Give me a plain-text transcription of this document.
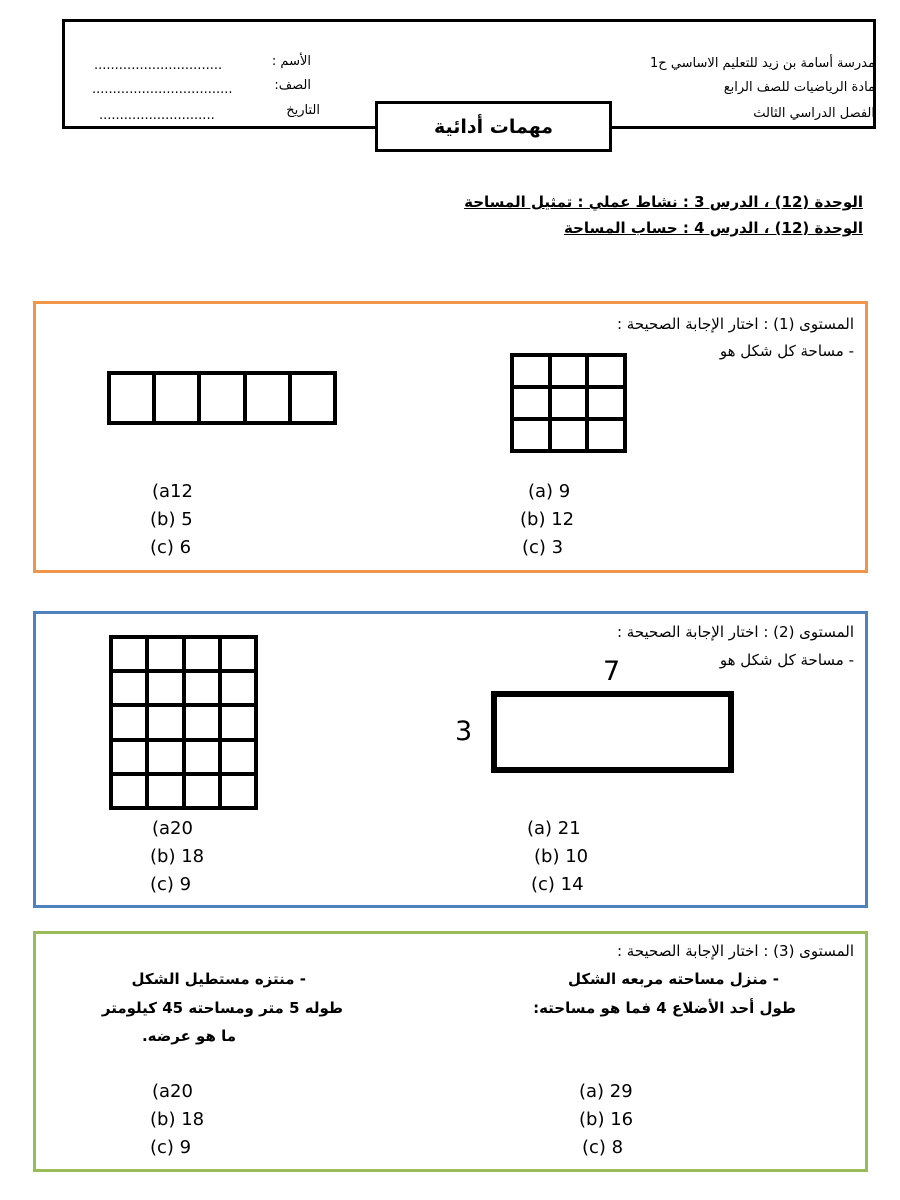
مدرسة أسامة بن زيد للتعليم الاساسي ح1
مادة الرياضيات للصف الرابع
الفصل الدراسي الثالث
الأسم :
...............................
الصف:
..................................
التاريخ
............................	مهمات أدائية
الوحدة (12) ، الدرس 3 : نشاط عملي : تمثيل المساحة
الوحدة (12) ، الدرس 4 : حساب المساحة
المستوى (1) : اختار الإجابة الصحيحة :
- مساحة كل شكل هو
(a12
(b) 5
(c) 6
(a) 9
(b) 12
(c) 3
المستوى (2) : اختار الإجابة الصحيحة :
- مساحة كل شكل هو
7
3
(a20
(b) 18
(c) 9
(a) 21
(b) 10
(c) 14
المستوى (3) : اختار الإجابة الصحيحة :
- منزل مساحته مربعه الشكل
طول أحد الأضلاع 4 فما هو مساحته:
- منتزه مستطيل الشكل
طوله 5 متر ومساحته 45 كيلومتر
ما هو عرضه.
(a20
(b) 18
(c) 9
(a) 29
(b) 16
(c) 8
